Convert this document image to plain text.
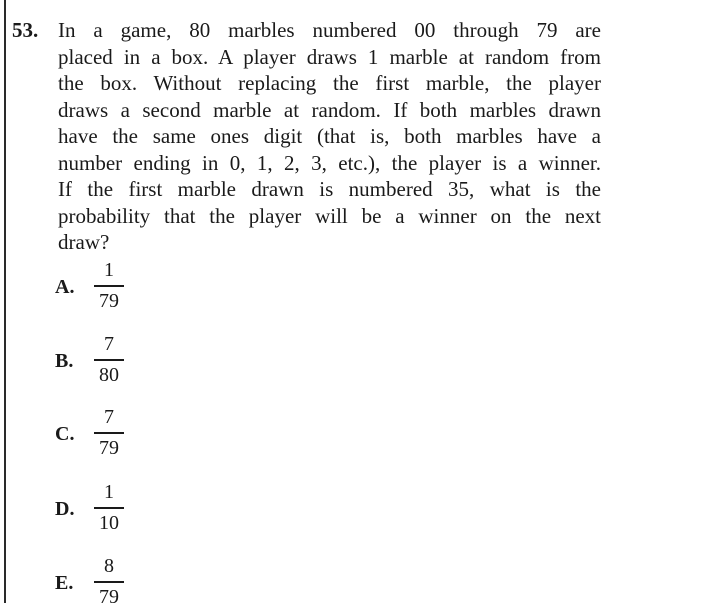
53. In a game, 80 marbles numbered 00 through 79 are
placed in a box. A player draws 1 marble at random from
the box. Without replacing the first marble, the player
draws a second marble at random. If both marbles drawn
have the same ones digit (that is, both marbles have a
number ending in 0, 1, 2, 3, etc.), the player is a winner.
If the first marble drawn is numbered 35, what is the
probability that the player will be a winner on the next
draw?
A.
1
79
B.
7
80
C.
7
79
D.
1
10
E.
8
79
